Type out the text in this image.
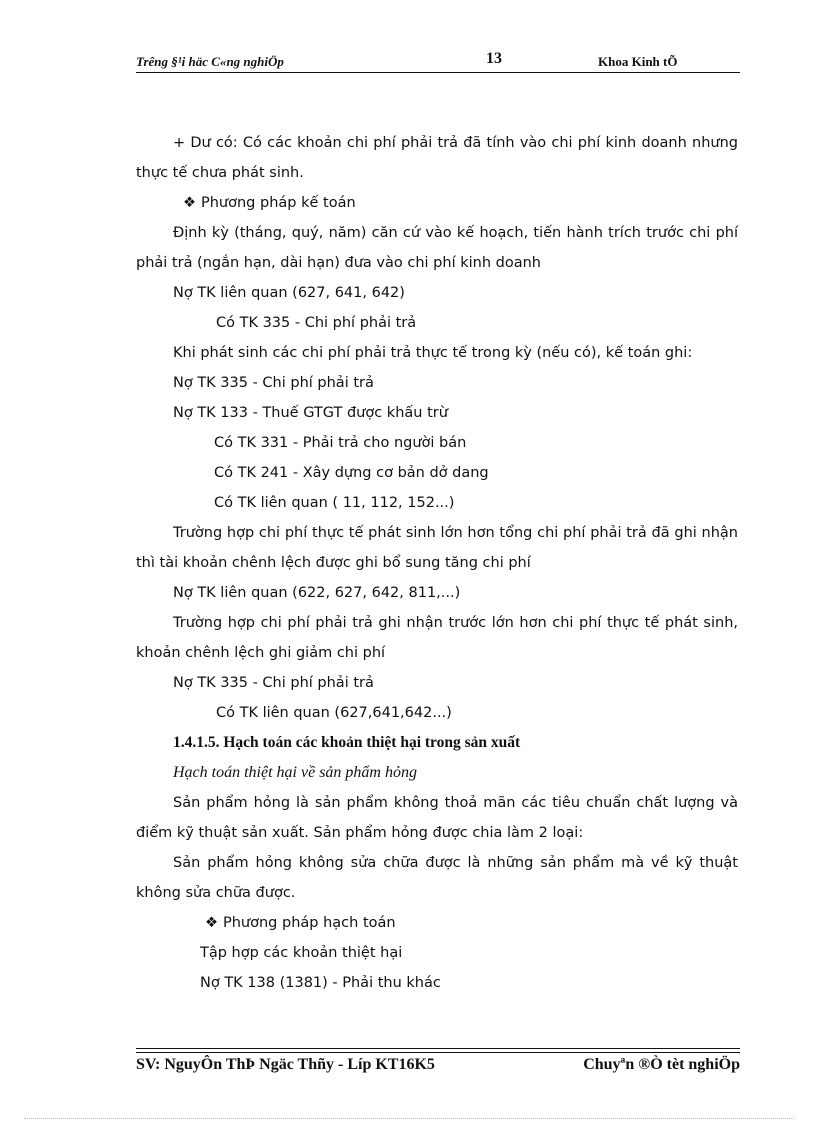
Trêng §¹i häc C«ng nghiÖp	13	Khoa Kinh tÕ
+ Dư có: Có các khoản chi phí phải trả đã tính vào chi phí kinh doanh nhưng
thực tế chưa phát sinh.
❖ Phương pháp kế toán
Định kỳ (tháng, quý, năm) căn cứ vào kế hoạch, tiến hành trích trước chi phí
phải trả (ngắn hạn, dài hạn) đưa vào chi phí kinh doanh
Nợ TK liên quan (627, 641, 642)
Có TK 335 - Chi phí phải trả
Khi phát sinh các chi phí phải trả thực tế trong kỳ (nếu có), kế toán ghi:
Nợ TK 335 - Chi phí phải trả
Nợ TK 133 - Thuế GTGT được khấu trừ
Có TK 331 - Phải trả cho người bán
Có TK 241 - Xây dựng cơ bản dở dang
Có TK liên quan ( 11, 112, 152...)
Trường hợp chi phí thực tế phát sinh lớn hơn tổng chi phí phải trả đã ghi nhận
thì tài khoản chênh lệch được ghi bổ sung tăng chi phí
Nợ TK liên quan (622, 627, 642, 811,...)
Trường hợp chi phí phải trả ghi nhận trước lớn hơn chi phí thực tế phát sinh,
khoản chênh lệch ghi giảm chi phí
Nợ TK 335 - Chi phí phải trả
Có TK liên quan (627,641,642...)
1.4.1.5. Hạch toán các khoản thiệt hại trong sản xuất
Hạch toán thiệt hại về sản phẩm hỏng
Sản phẩm hỏng là sản phẩm không thoả mãn các tiêu chuẩn chất lượng và
điểm kỹ thuật sản xuất. Sản phẩm hỏng được chia làm 2 loại:
Sản phẩm hỏng không sửa chữa được là những sản phẩm mà về kỹ thuật
không sửa chữa được.
❖ Phương pháp hạch toán
Tập hợp các khoản thiệt hại
Nợ TK 138 (1381) - Phải thu khác
SV: NguyÔn ThÞ Ngäc Thñy - Líp KT16K5	Chuyªn ®Ò tèt nghiÖp
